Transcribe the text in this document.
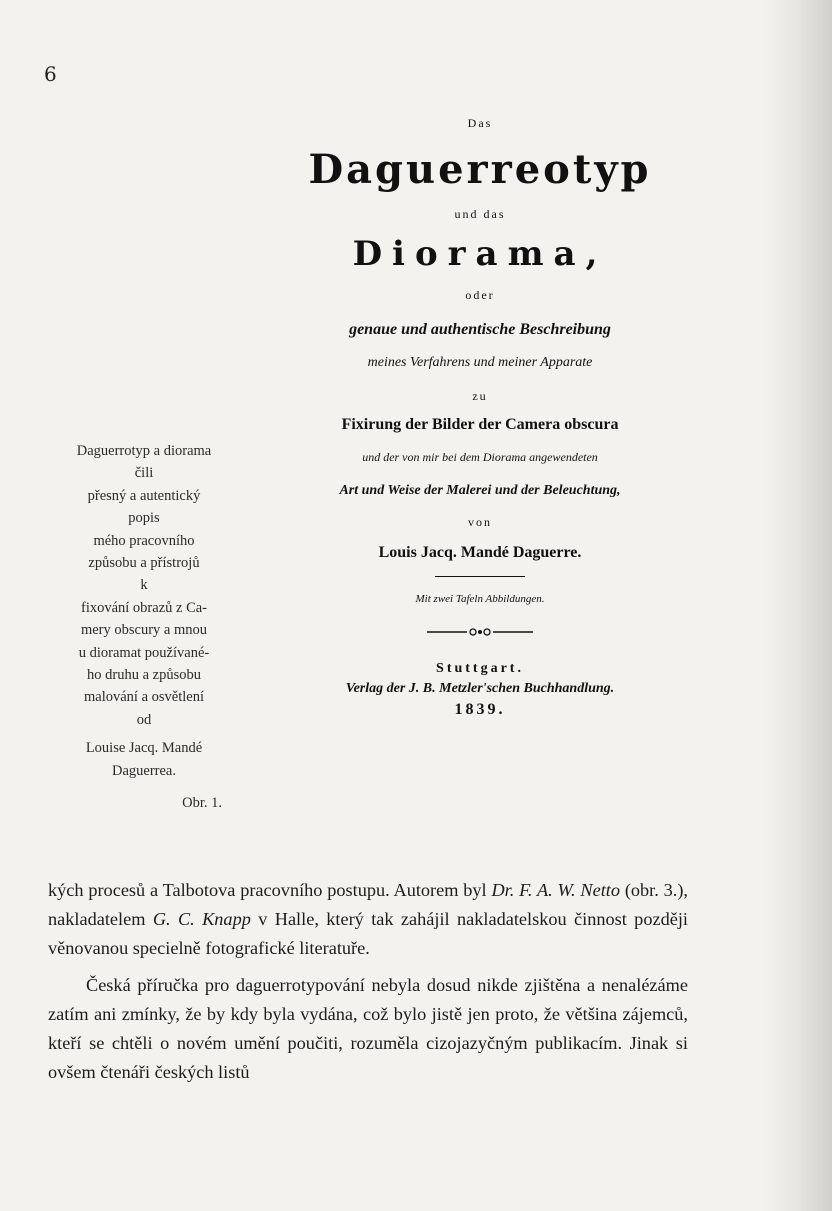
6
Daguerrotyp a diorama
čili
přesný a autentický
popis
mého pracovního
způsobu a přístrojů
k
fixování obrazů z Ca-
mery obscury a mnou
u dioramat používané-
ho druhu a způsobu
malování a osvětlení
od
Louise Jacq. Mandé
Daguerrea.
Obr. 1.
Das
Daguerreotyp
und das
Diorama,
oder
genaue und authentische Beschreibung
meines Verfahrens und meiner Apparate
zu
Fixirung der Bilder der Camera obscura
und der von mir bei dem Diorama angewendeten
Art und Weise der Malerei und der Beleuchtung,
von
Louis Jacq. Mandé Daguerre.
Mit zwei Tafeln Abbildungen.
Stuttgart.
Verlag der J. B. Metzler'schen Buchhandlung.
1839.

kých procesů a Talbotova pracovního postupu. Autorem byl Dr. F. A. W. Netto (obr. 3.), nakladatelem G. C. Knapp v Halle, který tak zahájil nakladatelskou činnost později věnovanou specielně fotografické literatuře.

Česká příručka pro daguerrotypování nebyla dosud nikde zjištěna a nenalézáme zatím ani zmínky, že by kdy byla vydána, což bylo jistě jen proto, že většina zájemců, kteří se chtěli o novém umění poučiti, rozuměla cizojazyčným publikacím. Jinak si ovšem čtenáři českých listů
